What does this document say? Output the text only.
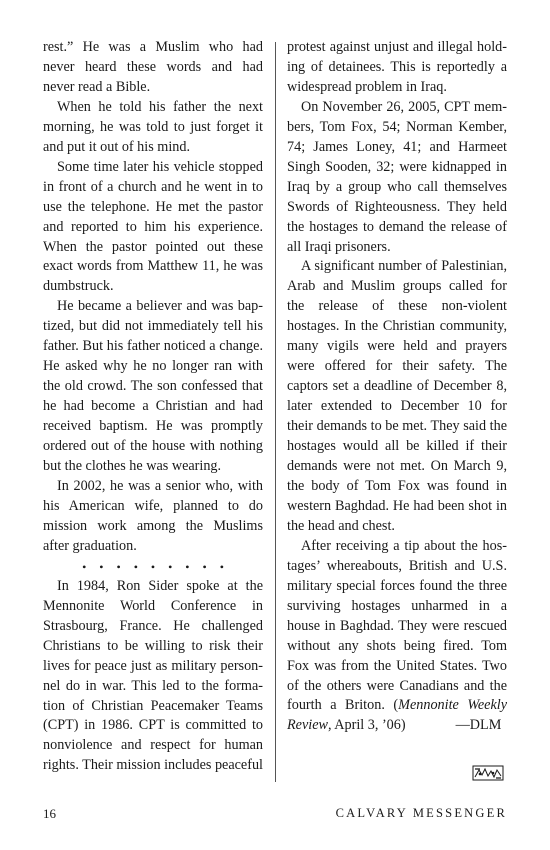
rest.” He was a Muslim who had never heard these words and had never read a Bible.

When he told his father the next morning, he was told to just forget it and put it out of his mind.

Some time later his vehicle stopped in front of a church and he went in to use the telephone. He met the pastor and reported to him his experience. When the pastor pointed out these exact words from Matthew 11, he was dumbstruck.

He became a believer and was baptized, but did not immediately tell his father. But his father noticed a change. He asked why he no longer ran with the old crowd. The son confessed that he had become a Christian and had received baptism. He was promptly ordered out of the house with nothing but the clothes he was wearing.

In 2002, he was a senior who, with his American wife, planned to do mission work among the Muslims after graduation.

• • • • • • • • •

In 1984, Ron Sider spoke at the Mennonite World Conference in Strasbourg, France. He challenged Christians to be willing to risk their lives for peace just as military personnel do in war. This led to the formation of Christian Peacemaker Teams (CPT) in 1986. CPT is committed to nonviolence and respect for human rights. Their mission includes peaceful

protest against unjust and illegal holding of detainees. This is reportedly a widespread problem in Iraq.

On November 26, 2005, CPT members, Tom Fox, 54; Norman Kember, 74; James Loney, 41; and Harmeet Singh Sooden, 32; were kidnapped in Iraq by a group who call themselves Swords of Righteousness. They held the hostages to demand the release of all Iraqi prisoners.

A significant number of Palestinian, Arab and Muslim groups called for the release of these non-violent hostages. In the Christian community, many vigils were held and prayers were offered for their safety. The captors set a deadline of December 8, later extended to December 10 for their demands to be met. They said the hostages would all be killed if their demands were not met. On March 9, the body of Tom Fox was found in western Baghdad. He had been shot in the head and chest.

After receiving a tip about the hostages’ whereabouts, British and U.S. military special forces found the three surviving hostages unharmed in a house in Baghdad. They were rescued without any shots being fired. Tom Fox was from the United States. Two of the others were Canadians and the fourth a Briton. (Mennonite Weekly Review, April 3, ’06)	—DLM

16	CALVARY MESSENGER
